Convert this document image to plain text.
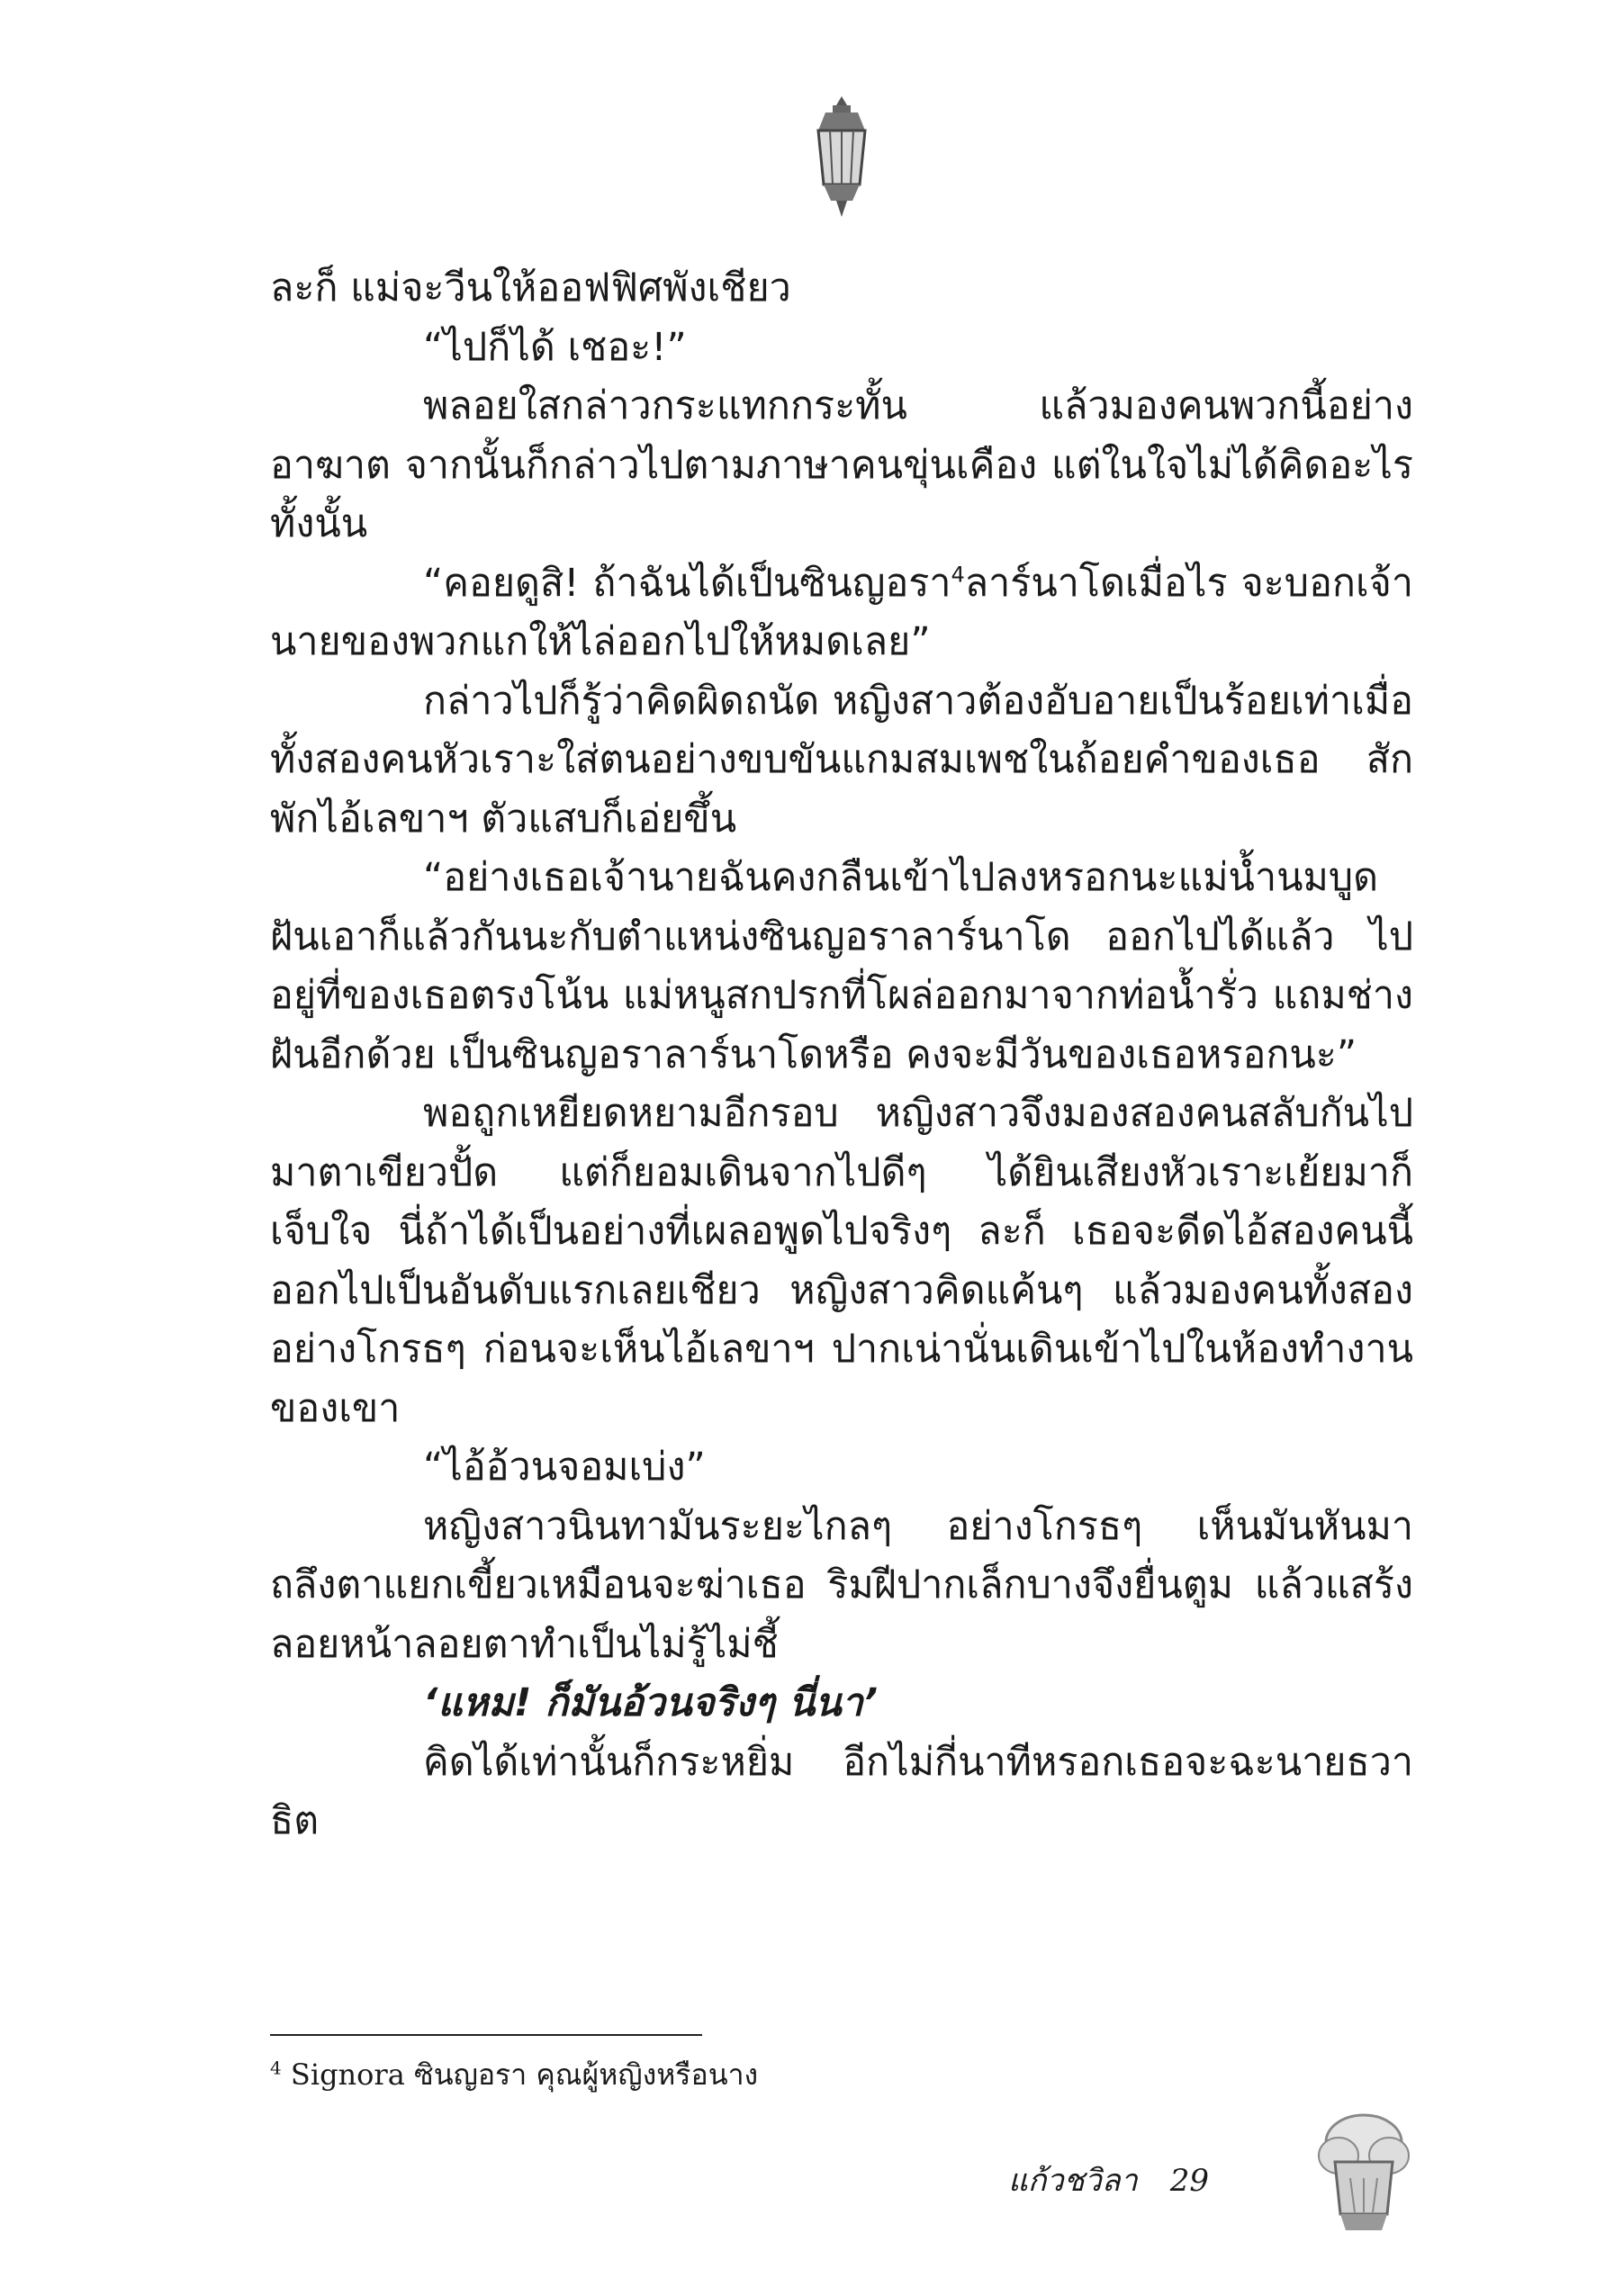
ละก็ แม่จะวีนให้ออฟฟิศพังเชียว

“ไปก็ได้ เชอะ!”

พลอยใสกล่าวกระแทกกระทั้น แล้วมองคนพวกนี้อย่างอาฆาต จากนั้นก็กล่าวไปตามภาษาคนขุ่นเคือง แต่ในใจไม่ได้คิดอะไรทั้งนั้น

“คอยดูสิ! ถ้าฉันได้เป็นซินญอรา$^4$ลาร์นาโดเมื่อไร จะบอกเจ้านายของพวกแกให้ไล่ออกไปให้หมดเลย”

กล่าวไปก็รู้ว่าคิดผิดถนัด หญิงสาวต้องอับอายเป็นร้อยเท่าเมื่อทั้งสองคนหัวเราะใส่ตนอย่างขบขันแกมสมเพชในถ้อยคำของเธอ สักพักไอ้เลขาฯ ตัวแสบก็เอ่ยขึ้น

“อย่างเธอเจ้านายฉันคงกลืนเข้าไปลงหรอกนะแม่น้ำนมบูดฝันเอาก็แล้วกันนะกับตำแหน่งซินญอราลาร์นาโด ออกไปได้แล้ว ไปอยู่ที่ของเธอตรงโน้น แม่หนูสกปรกที่โผล่ออกมาจากท่อน้ำรั่ว แถมช่างฝันอีกด้วย เป็นซินญอราลาร์นาโดหรือ คงจะมีวันของเธอหรอกนะ”

พอถูกเหยียดหยามอีกรอบ หญิงสาวจึงมองสองคนสลับกันไปมาตาเขียวปั้ด แต่ก็ยอมเดินจากไปดีๆ ได้ยินเสียงหัวเราะเย้ยมาก็เจ็บใจ นี่ถ้าได้เป็นอย่างที่เผลอพูดไปจริงๆ ละก็ เธอจะดีดไอ้สองคนนี้ออกไปเป็นอันดับแรกเลยเชียว หญิงสาวคิดแค้นๆ แล้วมองคนทั้งสองอย่างโกรธๆ ก่อนจะเห็นไอ้เลขาฯ ปากเน่านั่นเดินเข้าไปในห้องทำงานของเขา

“ไอ้อ้วนจอมเบ่ง”

หญิงสาวนินทามันระยะไกลๆ อย่างโกรธๆ เห็นมันหันมาถลึงตาแยกเขี้ยวเหมือนจะฆ่าเธอ ริมฝีปากเล็กบางจึงยื่นตูม แล้วแสร้งลอยหน้าลอยตาทำเป็นไม่รู้ไม่ชี้

‘แหม! ก็มันอ้วนจริงๆ นี่นา’

คิดได้เท่านั้นก็กระหยิ่ม อีกไม่กี่นาทีหรอกเธอจะฉะนายธวาธิต

$^4$ Signora ซินญอรา คุณผู้หญิงหรือนาง
แก้วชวิลา 29
